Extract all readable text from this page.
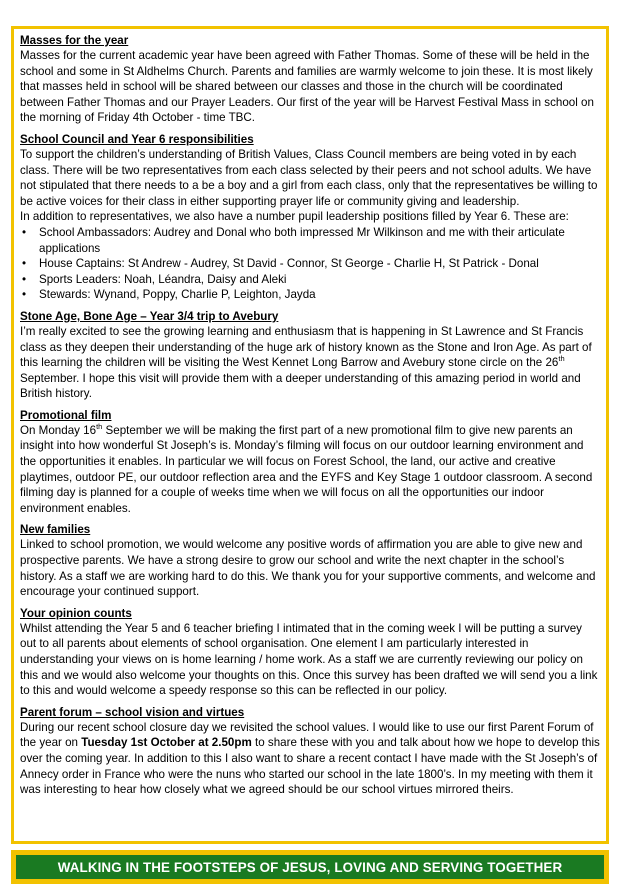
Masses for the year
Masses for the current academic year have been agreed with Father Thomas. Some of these will be held in the school and some in St Aldhelms Church. Parents and families are warmly welcome to join these. It is most likely that masses held in school will be shared between our classes and those in the church will be coordinated between Father Thomas and our Prayer Leaders. Our first of the year will be Harvest Festival Mass in school on the morning of Friday 4th October - time TBC.
School Council and Year 6 responsibilities
To support the children’s understanding of British Values, Class Council members are being voted in by each class. There will be two representatives from each class selected by their peers and not school adults. We have not stipulated that there needs to a be a boy and a girl from each class, only that the representatives be willing to be active voices for their class in either supporting prayer life or community giving and leadership.
In addition to representatives, we also have a number pupil leadership positions filled by Year 6. These are:
• School Ambassadors: Audrey and Donal who both impressed Mr Wilkinson and me with their articulate applications
• House Captains: St Andrew - Audrey, St David - Connor, St George - Charlie H, St Patrick - Donal
• Sports Leaders: Noah, Léandra, Daisy and Aleki
• Stewards: Wynand, Poppy, Charlie P, Leighton, Jayda
Stone Age, Bone Age – Year 3/4 trip to Avebury
I’m really excited to see the growing learning and enthusiasm that is happening in St Lawrence and St Francis class as they deepen their understanding of the huge ark of history known as the Stone and Iron Age. As part of this learning the children will be visiting the West Kennet Long Barrow and Avebury stone circle on the 26th September. I hope this visit will provide them with a deeper understanding of this amazing period in world and British history.
Promotional film
On Monday 16th September we will be making the first part of a new promotional film to give new parents an insight into how wonderful St Joseph’s is. Monday’s filming will focus on our outdoor learning environment and the opportunities it enables. In particular we will focus on Forest School, the land, our active and creative playtimes, outdoor PE, our outdoor reflection area and the EYFS and Key Stage 1 outdoor classroom. A second filming day is planned for a couple of weeks time when we will focus on all the opportunities our indoor environment enables.
New families
Linked to school promotion, we would welcome any positive words of affirmation you are able to give new and prospective parents. We have a strong desire to grow our school and write the next chapter in the school’s history. As a staff we are working hard to do this. We thank you for your supportive comments, and welcome and encourage your continued support.
Your opinion counts
Whilst attending the Year 5 and 6 teacher briefing I intimated that in the coming week I will be putting a survey out to all parents about elements of school organisation. One element I am particularly interested in understanding your views on is home learning / home work. As a staff we are currently reviewing our policy on this and we would also welcome your thoughts on this. Once this survey has been drafted we will send you a link to this and would welcome a speedy response so this can be reflected in our policy.
Parent forum – school vision and virtues
During our recent school closure day we revisited the school values. I would like to use our first Parent Forum of the year on Tuesday 1st October at 2.50pm to share these with you and talk about how we hope to develop this over the coming year. In addition to this I also want to share a recent contact I have made with the St Joseph’s of Annecy order in France who were the nuns who started our school in the late 1800’s. In my meeting with them it was interesting to hear how closely what we agreed should be our school virtues mirrored theirs.
WALKING IN THE FOOTSTEPS OF JESUS, LOVING AND SERVING TOGETHER
